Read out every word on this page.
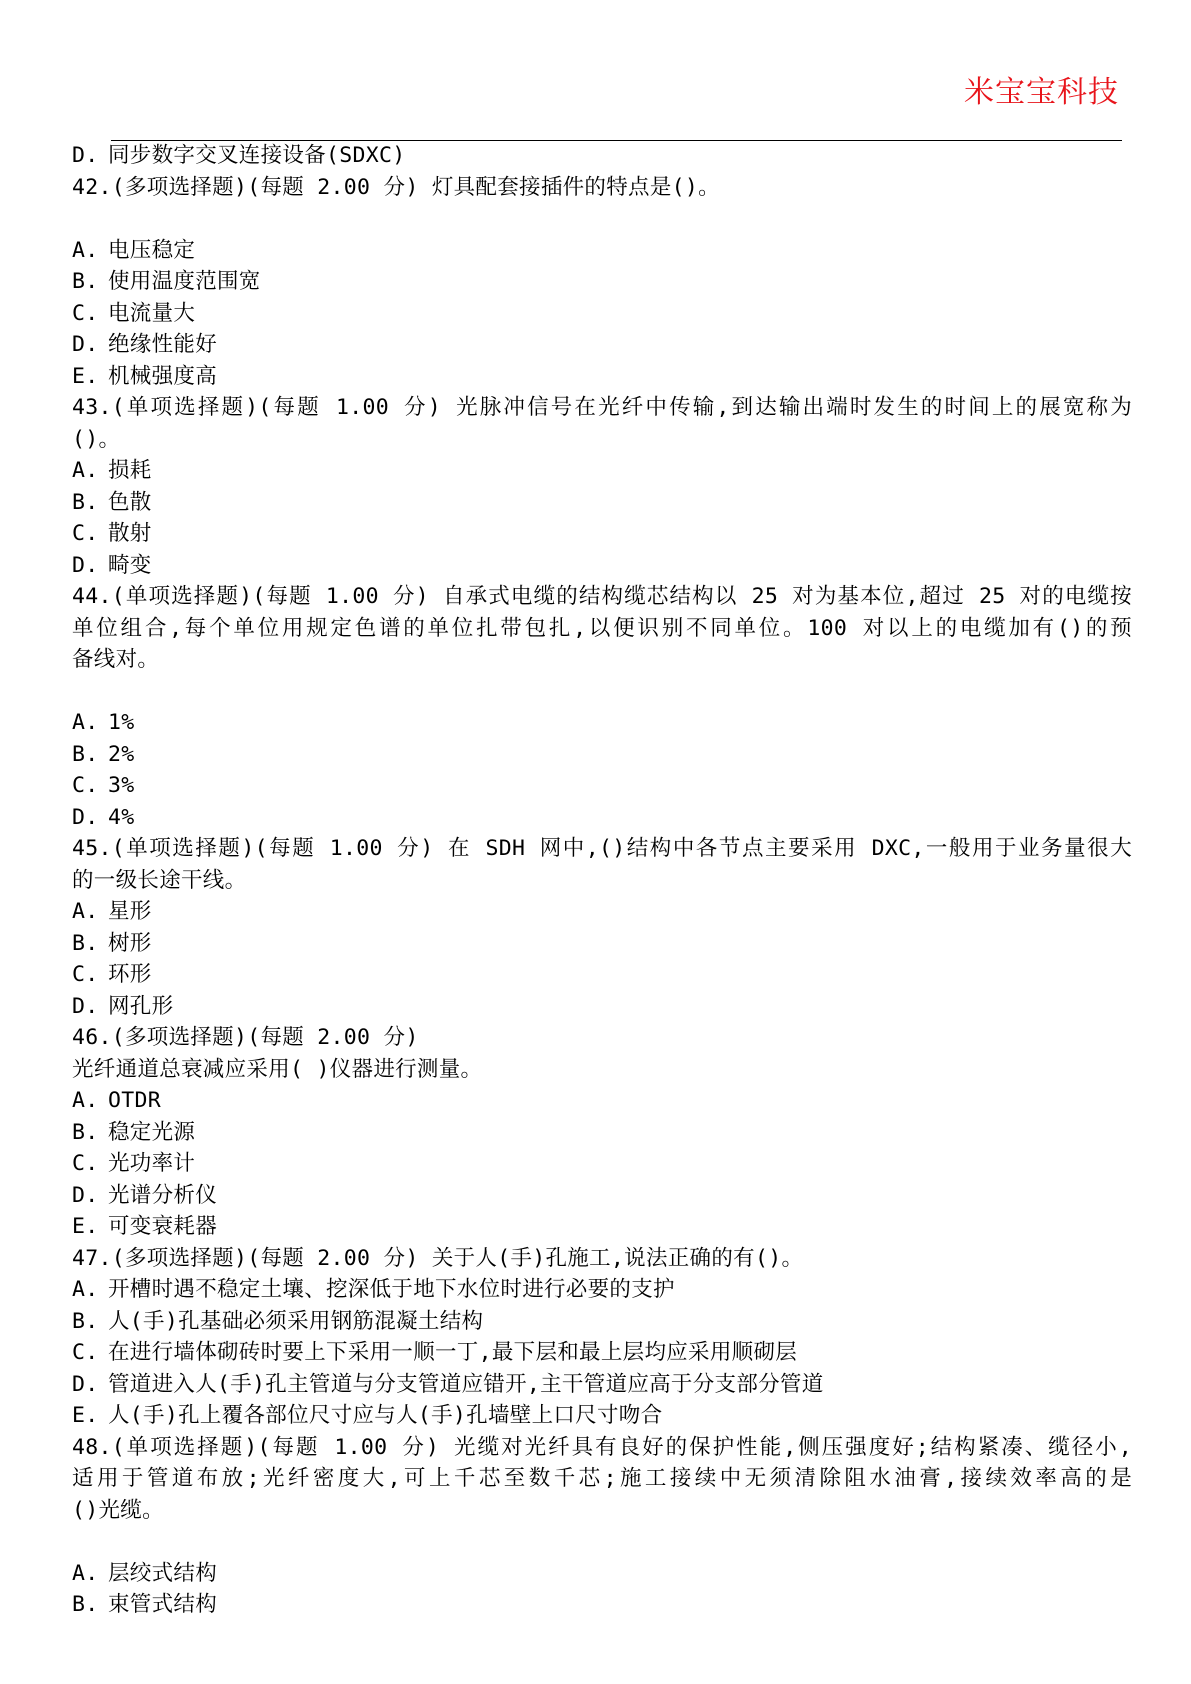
米宝宝科技
D. 同步数字交叉连接设备(SDXC)
42.(多项选择题)(每题 2.00 分) 灯具配套接插件的特点是()。
A. 电压稳定
B. 使用温度范围宽
C. 电流量大
D. 绝缘性能好
E. 机械强度高
43.(单项选择题)(每题 1.00 分) 光脉冲信号在光纤中传输,到达输出端时发生的时间上的展宽称为
()。
A. 损耗
B. 色散
C. 散射
D. 畸变
44.(单项选择题)(每题 1.00 分) 自承式电缆的结构缆芯结构以 25 对为基本位,超过 25 对的电缆按
单位组合,每个单位用规定色谱的单位扎带包扎,以便识别不同单位。100 对以上的电缆加有()的预
备线对。
A. 1%
B. 2%
C. 3%
D. 4%
45.(单项选择题)(每题 1.00 分) 在 SDH 网中,()结构中各节点主要采用 DXC,一般用于业务量很大
的一级长途干线。
A. 星形
B. 树形
C. 环形
D. 网孔形
46.(多项选择题)(每题 2.00 分)
光纤通道总衰减应采用( )仪器进行测量。
A. OTDR
B. 稳定光源
C. 光功率计
D. 光谱分析仪
E. 可变衰耗器
47.(多项选择题)(每题 2.00 分) 关于人(手)孔施工,说法正确的有()。
A. 开槽时遇不稳定土壤、挖深低于地下水位时进行必要的支护
B. 人(手)孔基础必须采用钢筋混凝土结构
C. 在进行墙体砌砖时要上下采用一顺一丁,最下层和最上层均应采用顺砌层
D. 管道进入人(手)孔主管道与分支管道应错开,主干管道应高于分支部分管道
E. 人(手)孔上覆各部位尺寸应与人(手)孔墙壁上口尺寸吻合
48.(单项选择题)(每题 1.00 分) 光缆对光纤具有良好的保护性能,侧压强度好;结构紧凑、缆径小,
适用于管道布放;光纤密度大,可上千芯至数千芯;施工接续中无须清除阻水油膏,接续效率高的是
()光缆。
A. 层绞式结构
B. 束管式结构
